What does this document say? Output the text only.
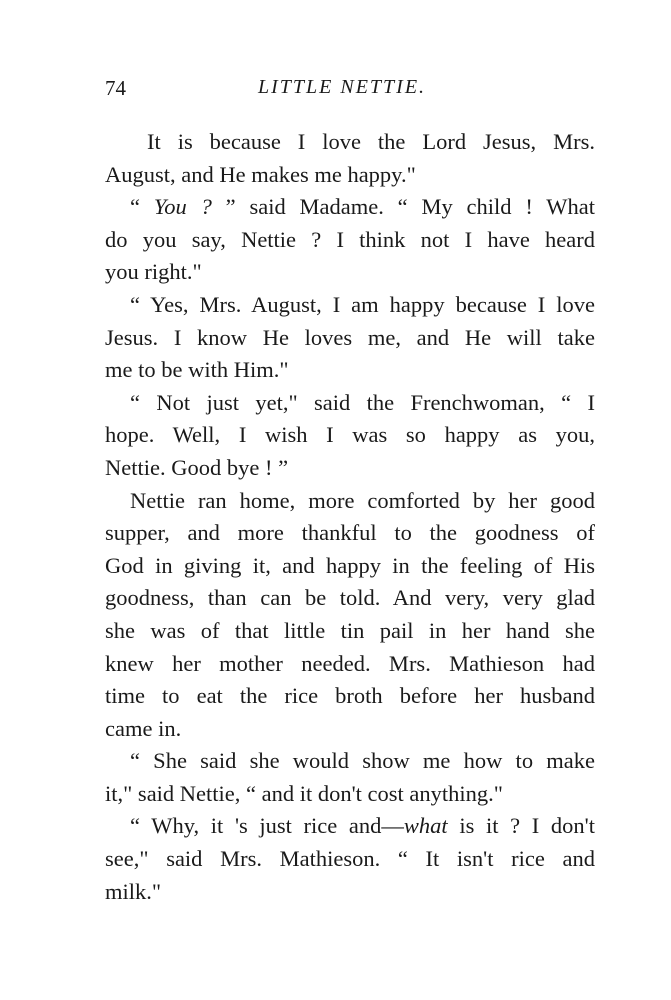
74	LITTLE NETTIE.
It is because I love the Lord Jesus, Mrs.
August, and He makes me happy."
“ You ? ” said Madame. “ My child ! What
do you say, Nettie ? I think not I have heard
you right."
“ Yes, Mrs. August, I am happy because I love
Jesus. I know He loves me, and He will take
me to be with Him."
“ Not just yet," said the Frenchwoman, “ I
hope. Well, I wish I was so happy as you,
Nettie. Good bye ! ”
Nettie ran home, more comforted by her good
supper, and more thankful to the goodness of
God in giving it, and happy in the feeling of His
goodness, than can be told. And very, very glad
she was of that little tin pail in her hand she
knew her mother needed. Mrs. Mathieson had
time to eat the rice broth before her husband
came in.
“ She said she would show me how to make
it," said Nettie, “ and it don't cost anything."
“ Why, it 's just rice and—what is it ? I don't
see," said Mrs. Mathieson. “ It isn't rice and
milk."
